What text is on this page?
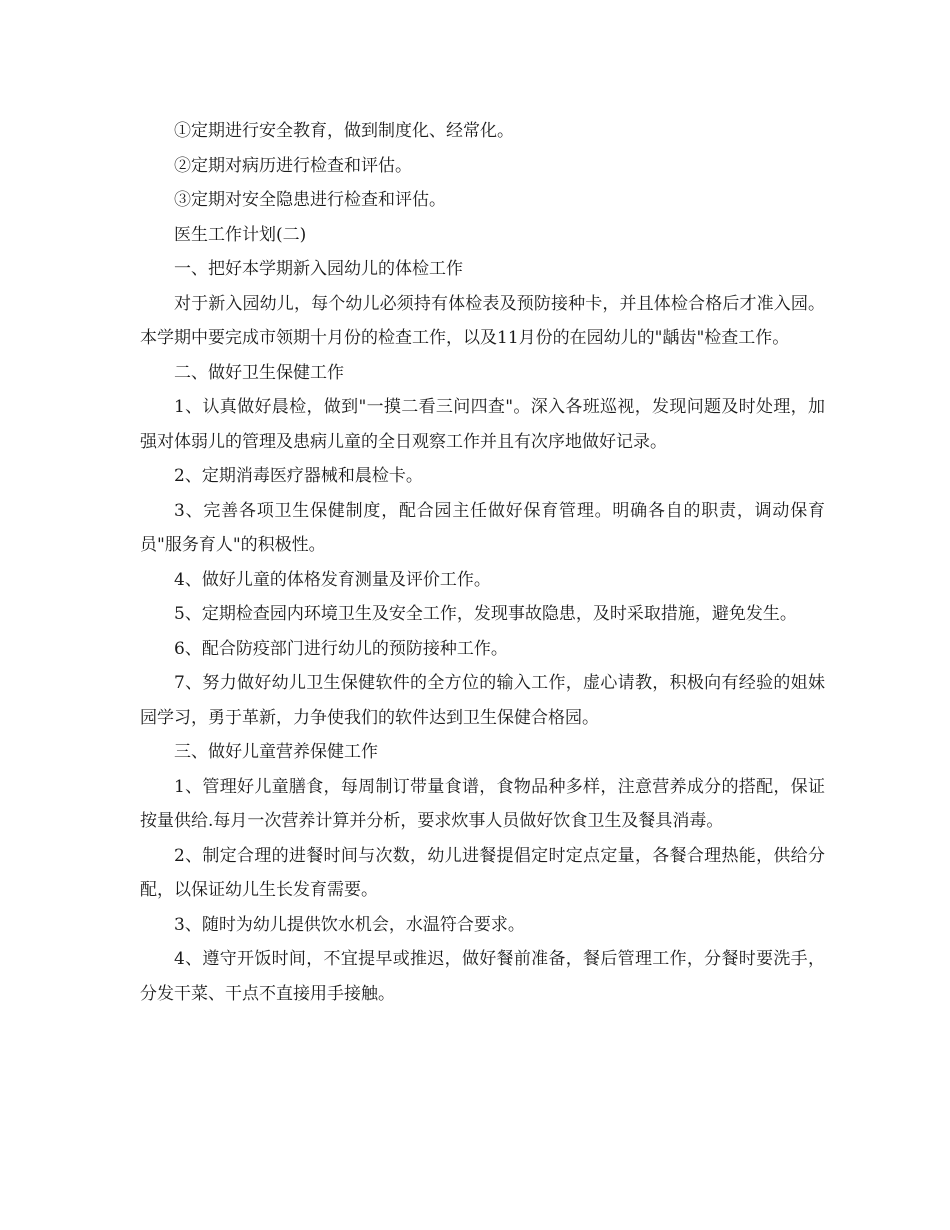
①定期进行安全教育，做到制度化、经常化。

②定期对病历进行检查和评估。

③定期对安全隐患进行检查和评估。

医生工作计划(二)

一、把好本学期新入园幼儿的体检工作

对于新入园幼儿，每个幼儿必须持有体检表及预防接种卡，并且体检合格后才准入园。本学期中要完成市领期十月份的检查工作，以及11月份的在园幼儿的"龋齿"检查工作。

二、做好卫生保健工作

1、认真做好晨检，做到"一摸二看三问四查"。深入各班巡视，发现问题及时处理，加强对体弱儿的管理及患病儿童的全日观察工作并且有次序地做好记录。

2、定期消毒医疗器械和晨检卡。

3、完善各项卫生保健制度，配合园主任做好保育管理。明确各自的职责，调动保育员"服务育人"的积极性。

4、做好儿童的体格发育测量及评价工作。

5、定期检查园内环境卫生及安全工作，发现事故隐患，及时采取措施，避免发生。

6、配合防疫部门进行幼儿的预防接种工作。

7、努力做好幼儿卫生保健软件的全方位的输入工作，虚心请教，积极向有经验的姐妹园学习，勇于革新，力争使我们的软件达到卫生保健合格园。

三、做好儿童营养保健工作

1、管理好儿童膳食，每周制订带量食谱，食物品种多样，注意营养成分的搭配，保证按量供给.每月一次营养计算并分析，要求炊事人员做好饮食卫生及餐具消毒。

2、制定合理的进餐时间与次数，幼儿进餐提倡定时定点定量，各餐合理热能，供给分配，以保证幼儿生长发育需要。

3、随时为幼儿提供饮水机会，水温符合要求。

4、遵守开饭时间，不宜提早或推迟，做好餐前准备，餐后管理工作，分餐时要洗手，分发干菜、干点不直接用手接触。
